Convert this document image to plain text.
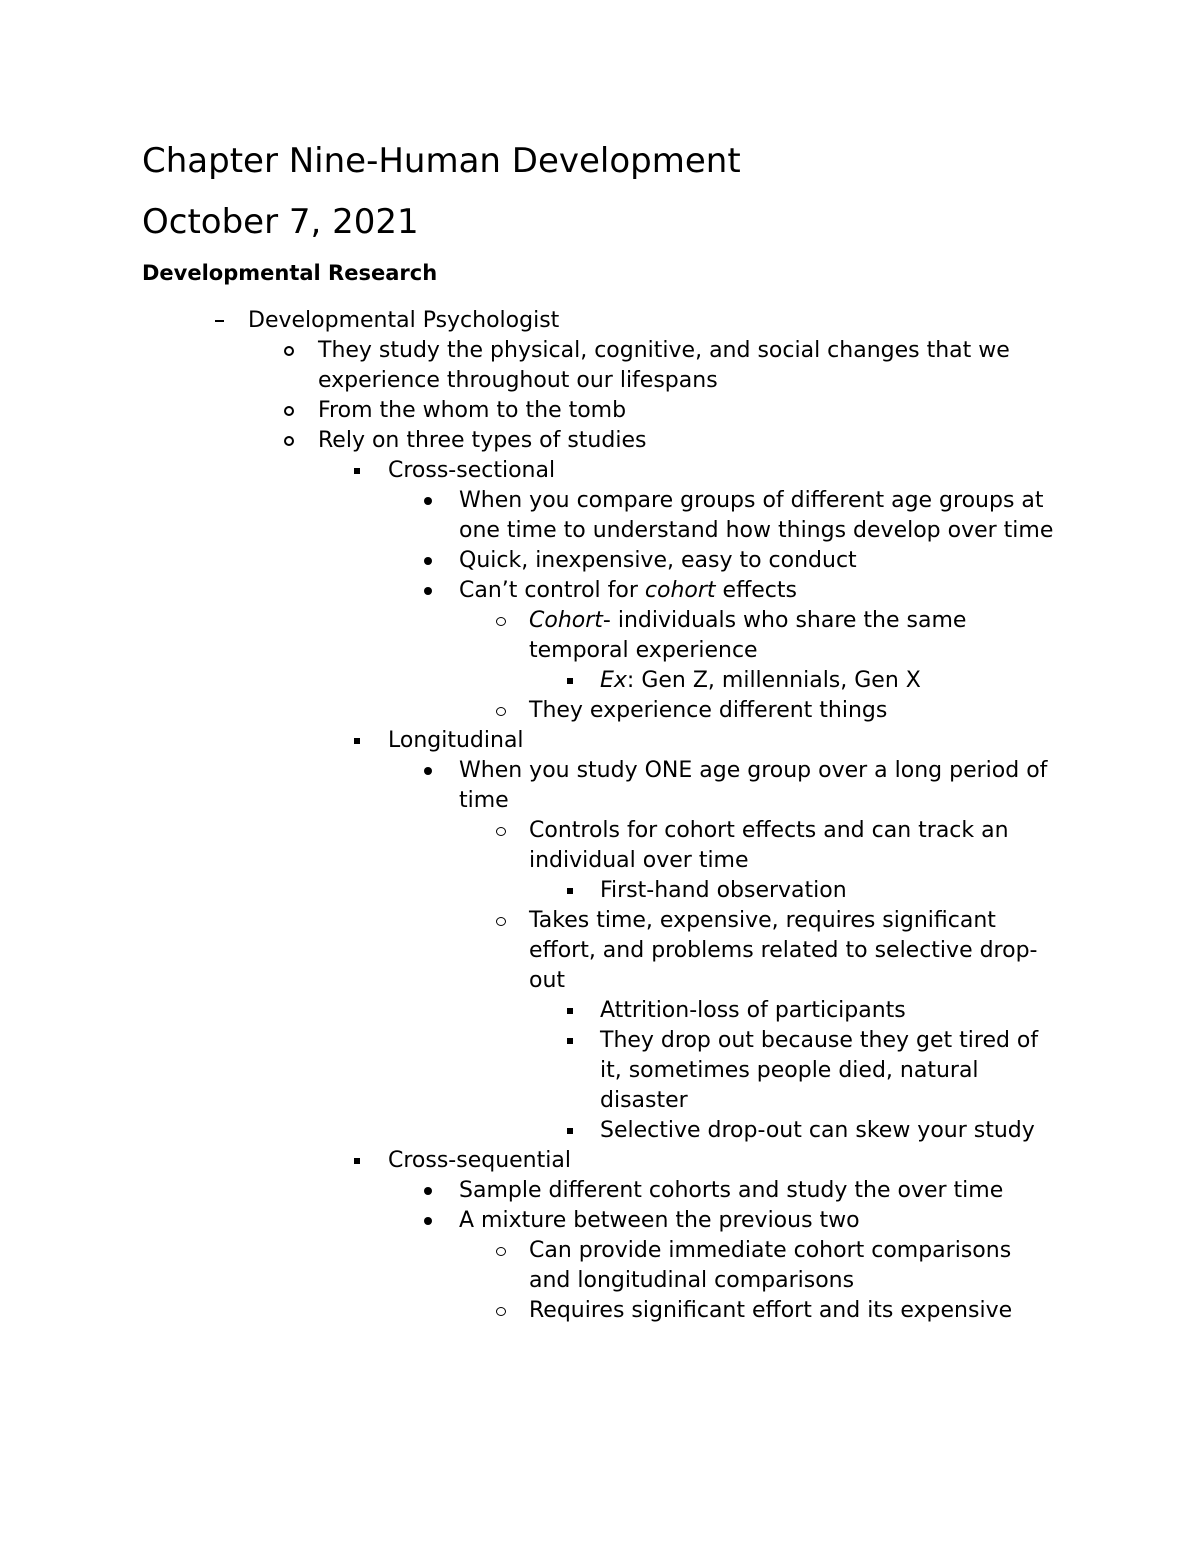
Chapter Nine-Human Development
October 7, 2021
Developmental Research
Developmental Psychologist
They study the physical, cognitive, and social changes that we experience throughout our lifespans
From the whom to the tomb
Rely on three types of studies
Cross-sectional
When you compare groups of different age groups at one time to understand how things develop over time
Quick, inexpensive, easy to conduct
Can’t control for cohort effects
Cohort- individuals who share the same temporal experience
Ex: Gen Z, millennials, Gen X
They experience different things
Longitudinal
When you study ONE age group over a long period of time
Controls for cohort effects and can track an individual over time
First-hand observation
Takes time, expensive, requires significant effort, and problems related to selective drop-out
Attrition-loss of participants
They drop out because they get tired of it, sometimes people died, natural disaster
Selective drop-out can skew your study
Cross-sequential
Sample different cohorts and study the over time
A mixture between the previous two
Can provide immediate cohort comparisons and longitudinal comparisons
Requires significant effort and its expensive
